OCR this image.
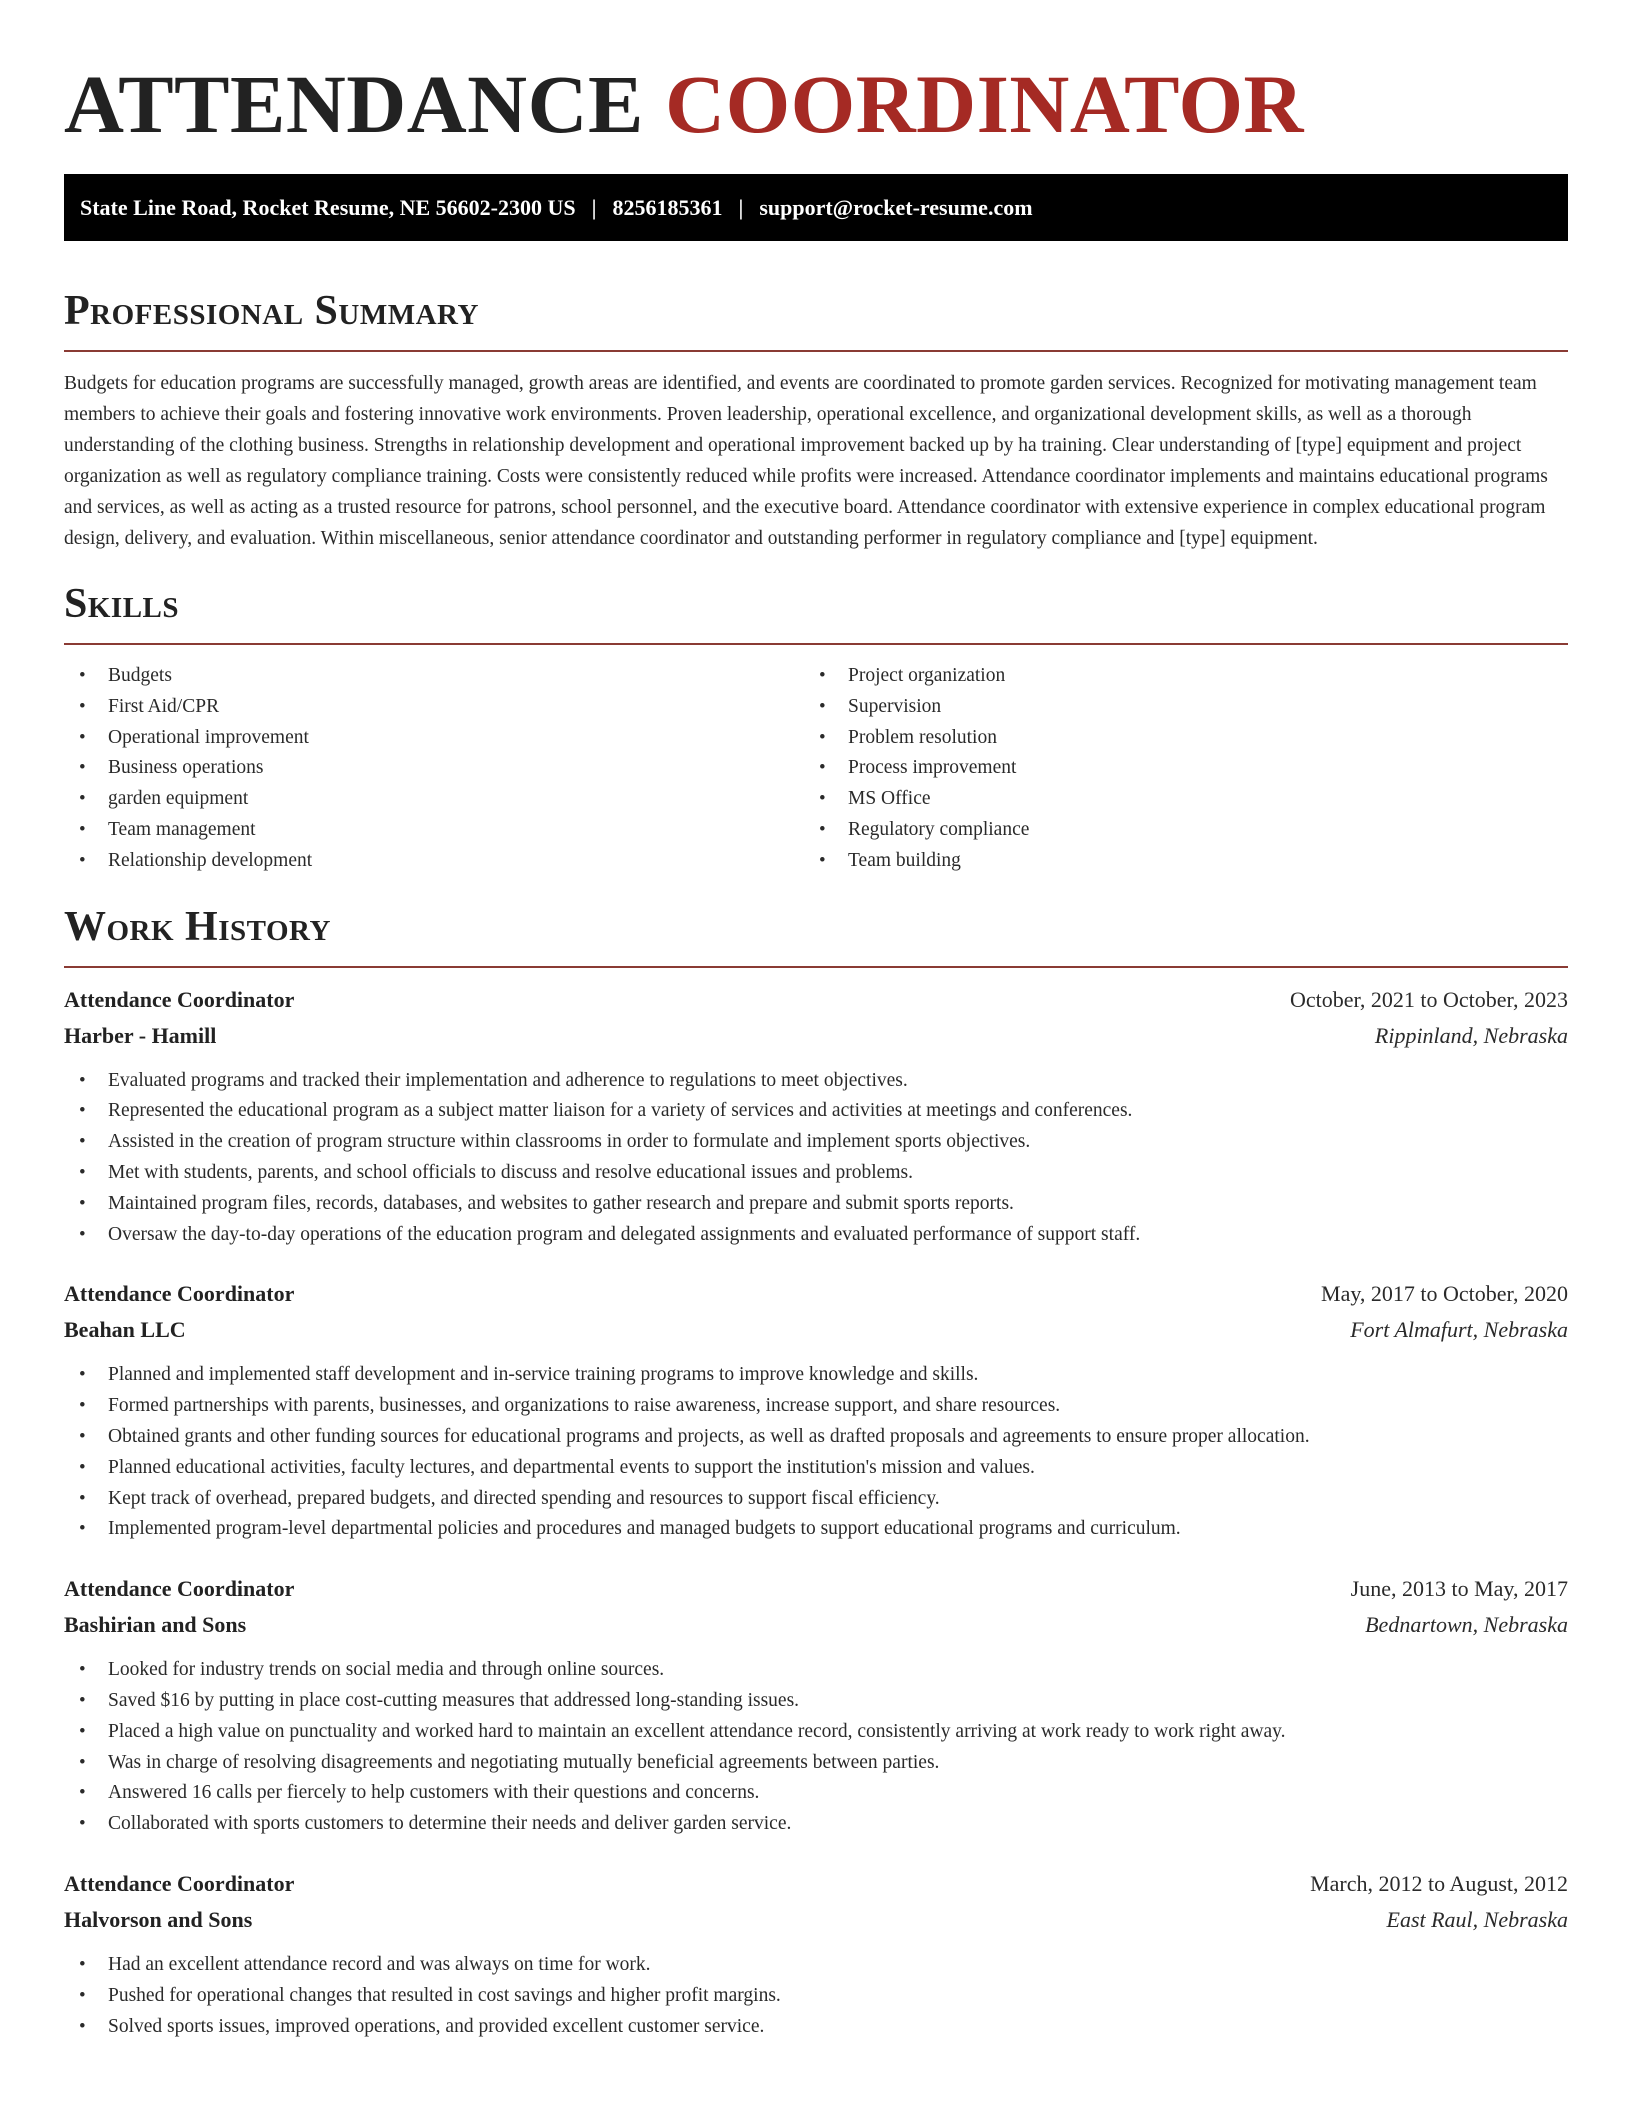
ATTENDANCE COORDINATOR
State Line Road, Rocket Resume, NE 56602-2300 US | 8256185361 | support@rocket-resume.com
Professional Summary

Budgets for education programs are successfully managed, growth areas are identified, and events are coordinated to promote garden services. Recognized for motivating management team members to achieve their goals and fostering innovative work environments. Proven leadership, operational excellence, and organizational development skills, as well as a thorough understanding of the clothing business. Strengths in relationship development and operational improvement backed up by ha training. Clear understanding of [type] equipment and project organization as well as regulatory compliance training. Costs were consistently reduced while profits were increased. Attendance coordinator implements and maintains educational programs and services, as well as acting as a trusted resource for patrons, school personnel, and the executive board. Attendance coordinator with extensive experience in complex educational program design, delivery, and evaluation. Within miscellaneous, senior attendance coordinator and outstanding performer in regulatory compliance and [type] equipment.

Skills
• Budgets
• First Aid/CPR
• Operational improvement
• Business operations
• garden equipment
• Team management
• Relationship development
• Project organization
• Supervision
• Problem resolution
• Process improvement
• MS Office
• Regulatory compliance
• Team building
Work History
Attendance Coordinator	October, 2021 to October, 2023
Harber - Hamill	Rippinland, Nebraska
• Evaluated programs and tracked their implementation and adherence to regulations to meet objectives.
• Represented the educational program as a subject matter liaison for a variety of services and activities at meetings and conferences.
• Assisted in the creation of program structure within classrooms in order to formulate and implement sports objectives.
• Met with students, parents, and school officials to discuss and resolve educational issues and problems.
• Maintained program files, records, databases, and websites to gather research and prepare and submit sports reports.
• Oversaw the day-to-day operations of the education program and delegated assignments and evaluated performance of support staff.
Attendance Coordinator	May, 2017 to October, 2020
Beahan LLC	Fort Almafurt, Nebraska
• Planned and implemented staff development and in-service training programs to improve knowledge and skills.
• Formed partnerships with parents, businesses, and organizations to raise awareness, increase support, and share resources.
• Obtained grants and other funding sources for educational programs and projects, as well as drafted proposals and agreements to ensure proper allocation.
• Planned educational activities, faculty lectures, and departmental events to support the institution's mission and values.
• Kept track of overhead, prepared budgets, and directed spending and resources to support fiscal efficiency.
• Implemented program-level departmental policies and procedures and managed budgets to support educational programs and curriculum.
Attendance Coordinator	June, 2013 to May, 2017
Bashirian and Sons	Bednartown, Nebraska
• Looked for industry trends on social media and through online sources.
• Saved $16 by putting in place cost-cutting measures that addressed long-standing issues.
• Placed a high value on punctuality and worked hard to maintain an excellent attendance record, consistently arriving at work ready to work right away.
• Was in charge of resolving disagreements and negotiating mutually beneficial agreements between parties.
• Answered 16 calls per fiercely to help customers with their questions and concerns.
• Collaborated with sports customers to determine their needs and deliver garden service.
Attendance Coordinator	March, 2012 to August, 2012
Halvorson and Sons	East Raul, Nebraska
• Had an excellent attendance record and was always on time for work.
• Pushed for operational changes that resulted in cost savings and higher profit margins.
• Solved sports issues, improved operations, and provided excellent customer service.
